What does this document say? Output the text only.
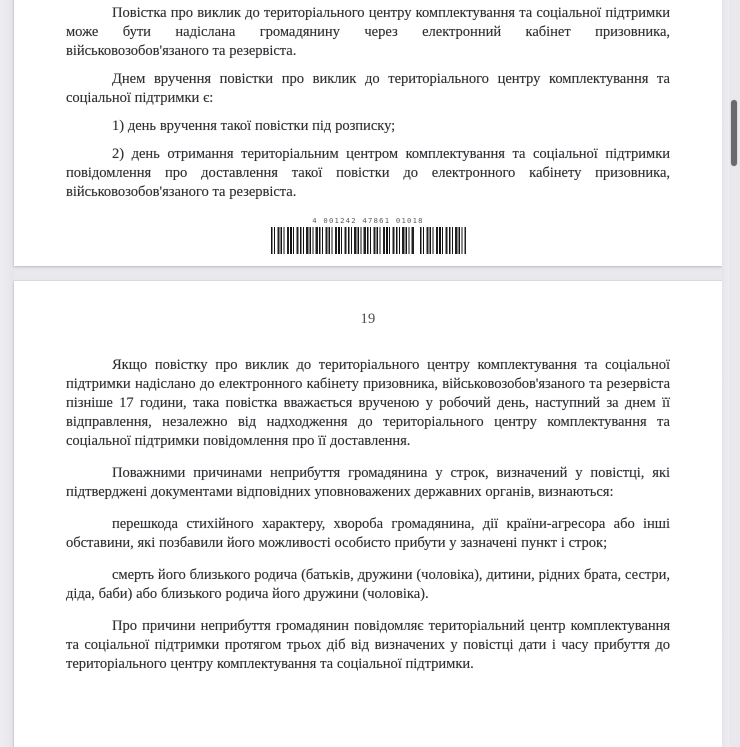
Повістка про виклик до територіального центру комплектування та соціальної підтримки може бути надіслана громадянину через електронний кабінет призовника, військовозобов'язаного та резервіста.

Днем вручення повістки про виклик до територіального центру комплектування та соціальної підтримки є:

1) день вручення такої повістки під розписку;

2) день отримання територіальним центром комплектування та соціальної підтримки повідомлення про доставлення такої повістки до електронного кабінету призовника, військовозобов'язаного та резервіста.

4 001242 47861 01018
19

Якщо повістку про виклик до територіального центру комплектування та соціальної підтримки надіслано до електронного кабінету призовника, військовозобов'язаного та резервіста пізніше 17 години, така повістка вважається врученою у робочий день, наступний за днем її відправлення, незалежно від надходження до територіального центру комплектування та соціальної підтримки повідомлення про її доставлення.

Поважними причинами неприбуття громадянина у строк, визначений у повістці, які підтверджені документами відповідних уповноважених державних органів, визнаються:

перешкода стихійного характеру, хвороба громадянина, дії країни-агресора або інші обставини, які позбавили його можливості особисто прибути у зазначені пункт і строк;

смерть його близького родича (батьків, дружини (чоловіка), дитини, рідних брата, сестри, діда, баби) або близького родича його дружини (чоловіка).

Про причини неприбуття громадянин повідомляє територіальний центр комплектування та соціальної підтримки протягом трьох діб від визначених у повістці дати і часу прибуття до територіального центру комплектування та соціальної підтримки.
